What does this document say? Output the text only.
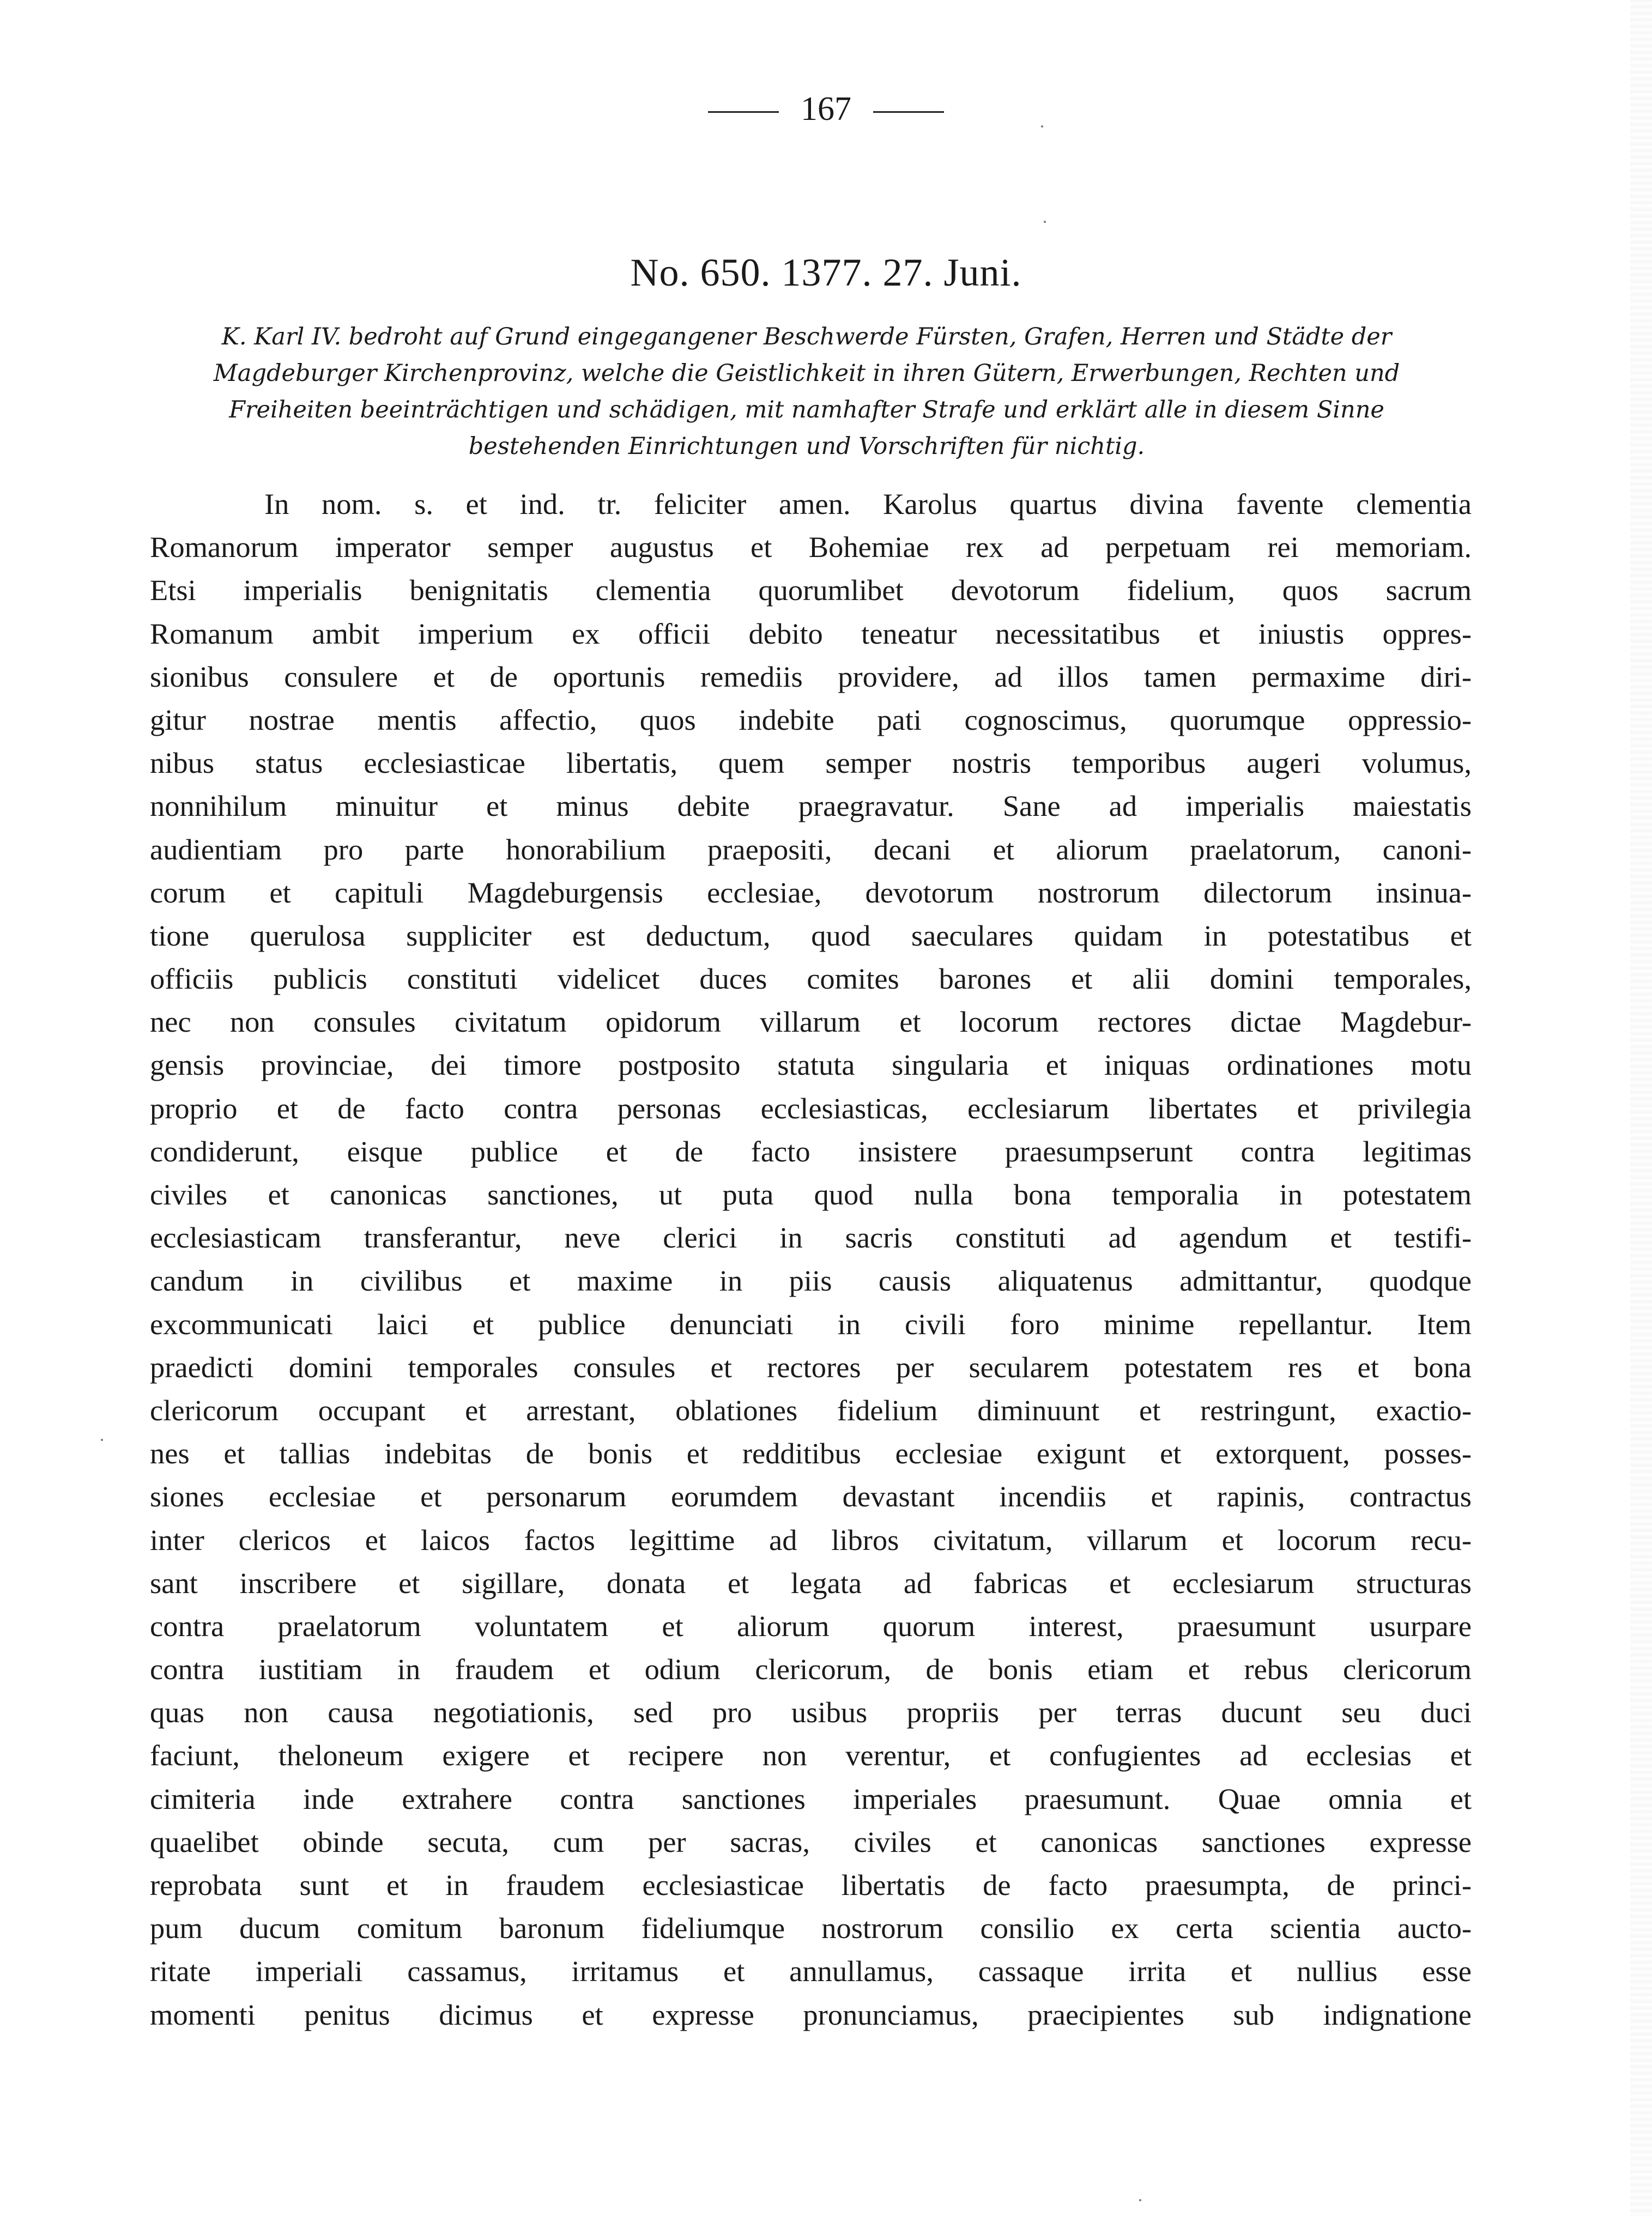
167
No. 650. 1377. 27. Juni.
K. Karl IV. bedroht auf Grund eingegangener Beschwerde Fürsten, Grafen, Herren und Städte der
Magdeburger Kirchenprovinz, welche die Geistlichkeit in ihren Gütern, Erwerbungen, Rechten und
Freiheiten beeinträchtigen und schädigen, mit namhafter Strafe und erklärt alle in diesem Sinne
bestehenden Einrichtungen und Vorschriften für nichtig.
In nom. s. et ind. tr. feliciter amen. Karolus quartus divina favente clementia
Romanorum imperator semper augustus et Bohemiae rex ad perpetuam rei memoriam.
Etsi imperialis benignitatis clementia quorumlibet devotorum fidelium, quos sacrum
Romanum ambit imperium ex officii debito teneatur necessitatibus et iniustis oppres-
sionibus consulere et de oportunis remediis providere, ad illos tamen permaxime diri-
gitur nostrae mentis affectio, quos indebite pati cognoscimus, quorumque oppressio-
nibus status ecclesiasticae libertatis, quem semper nostris temporibus augeri volumus,
nonnihilum minuitur et minus debite praegravatur. Sane ad imperialis maiestatis
audientiam pro parte honorabilium praepositi, decani et aliorum praelatorum, canoni-
corum et capituli Magdeburgensis ecclesiae, devotorum nostrorum dilectorum insinua-
tione querulosa suppliciter est deductum, quod saeculares quidam in potestatibus et
officiis publicis constituti videlicet duces comites barones et alii domini temporales,
nec non consules civitatum opidorum villarum et locorum rectores dictae Magdebur-
gensis provinciae, dei timore postposito statuta singularia et iniquas ordinationes motu
proprio et de facto contra personas ecclesiasticas, ecclesiarum libertates et privilegia
condiderunt, eisque publice et de facto insistere praesumpserunt contra legitimas
civiles et canonicas sanctiones, ut puta quod nulla bona temporalia in potestatem
ecclesiasticam transferantur, neve clerici in sacris constituti ad agendum et testifi-
candum in civilibus et maxime in piis causis aliquatenus admittantur, quodque
excommunicati laici et publice denunciati in civili foro minime repellantur. Item
praedicti domini temporales consules et rectores per secularem potestatem res et bona
clericorum occupant et arrestant, oblationes fidelium diminuunt et restringunt, exactio-
nes et tallias indebitas de bonis et redditibus ecclesiae exigunt et extorquent, posses-
siones ecclesiae et personarum eorumdem devastant incendiis et rapinis, contractus
inter clericos et laicos factos legittime ad libros civitatum, villarum et locorum recu-
sant inscribere et sigillare, donata et legata ad fabricas et ecclesiarum structuras
contra praelatorum voluntatem et aliorum quorum interest, praesumunt usurpare
contra iustitiam in fraudem et odium clericorum, de bonis etiam et rebus clericorum
quas non causa negotiationis, sed pro usibus propriis per terras ducunt seu duci
faciunt, theloneum exigere et recipere non verentur, et confugientes ad ecclesias et
cimiteria inde extrahere contra sanctiones imperiales praesumunt. Quae omnia et
quaelibet obinde secuta, cum per sacras, civiles et canonicas sanctiones expresse
reprobata sunt et in fraudem ecclesiasticae libertatis de facto praesumpta, de princi-
pum ducum comitum baronum fideliumque nostrorum consilio ex certa scientia aucto-
ritate imperiali cassamus, irritamus et annullamus, cassaque irrita et nullius esse
momenti penitus dicimus et expresse pronunciamus, praecipientes sub indignatione
